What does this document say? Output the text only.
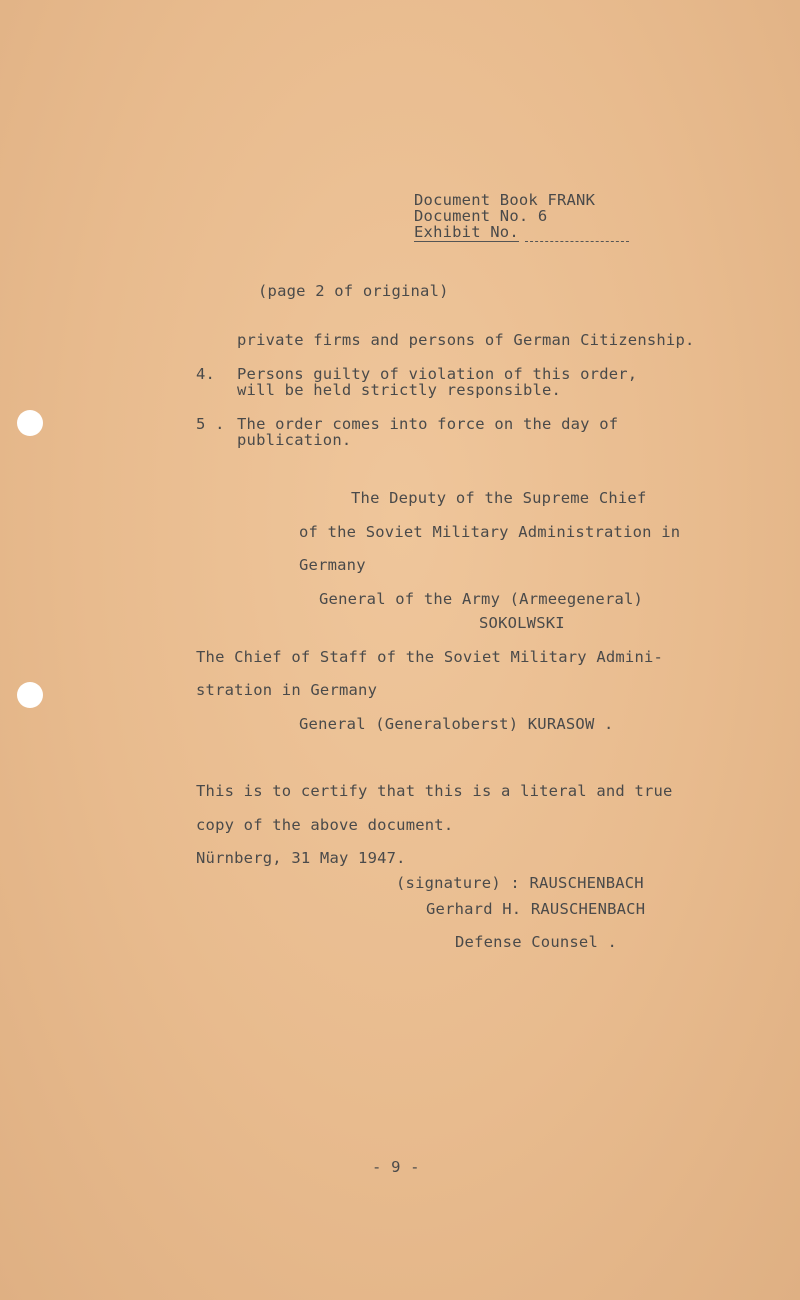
Document Book FRANK
Document No. 6
Exhibit No.
(page 2 of original)
private firms and persons of German Citizenship.
4. Persons guilty of violation of this order,
will be held strictly responsible.
5 . The order comes into force on the day of
publication.
The Deputy of the Supreme Chief
of the Soviet Military Administration in
Germany
General of the Army (Armeegeneral)
SOKOLWSKI
The Chief of Staff of the Soviet Military Admini-
stration in Germany
General (Generaloberst) KURASOW .
This is to certify that this is a literal and true
copy of the above document.
Nürnberg, 31 May 1947.
(signature) : RAUSCHENBACH
Gerhard H. RAUSCHENBACH
Defense Counsel .
- 9 -
